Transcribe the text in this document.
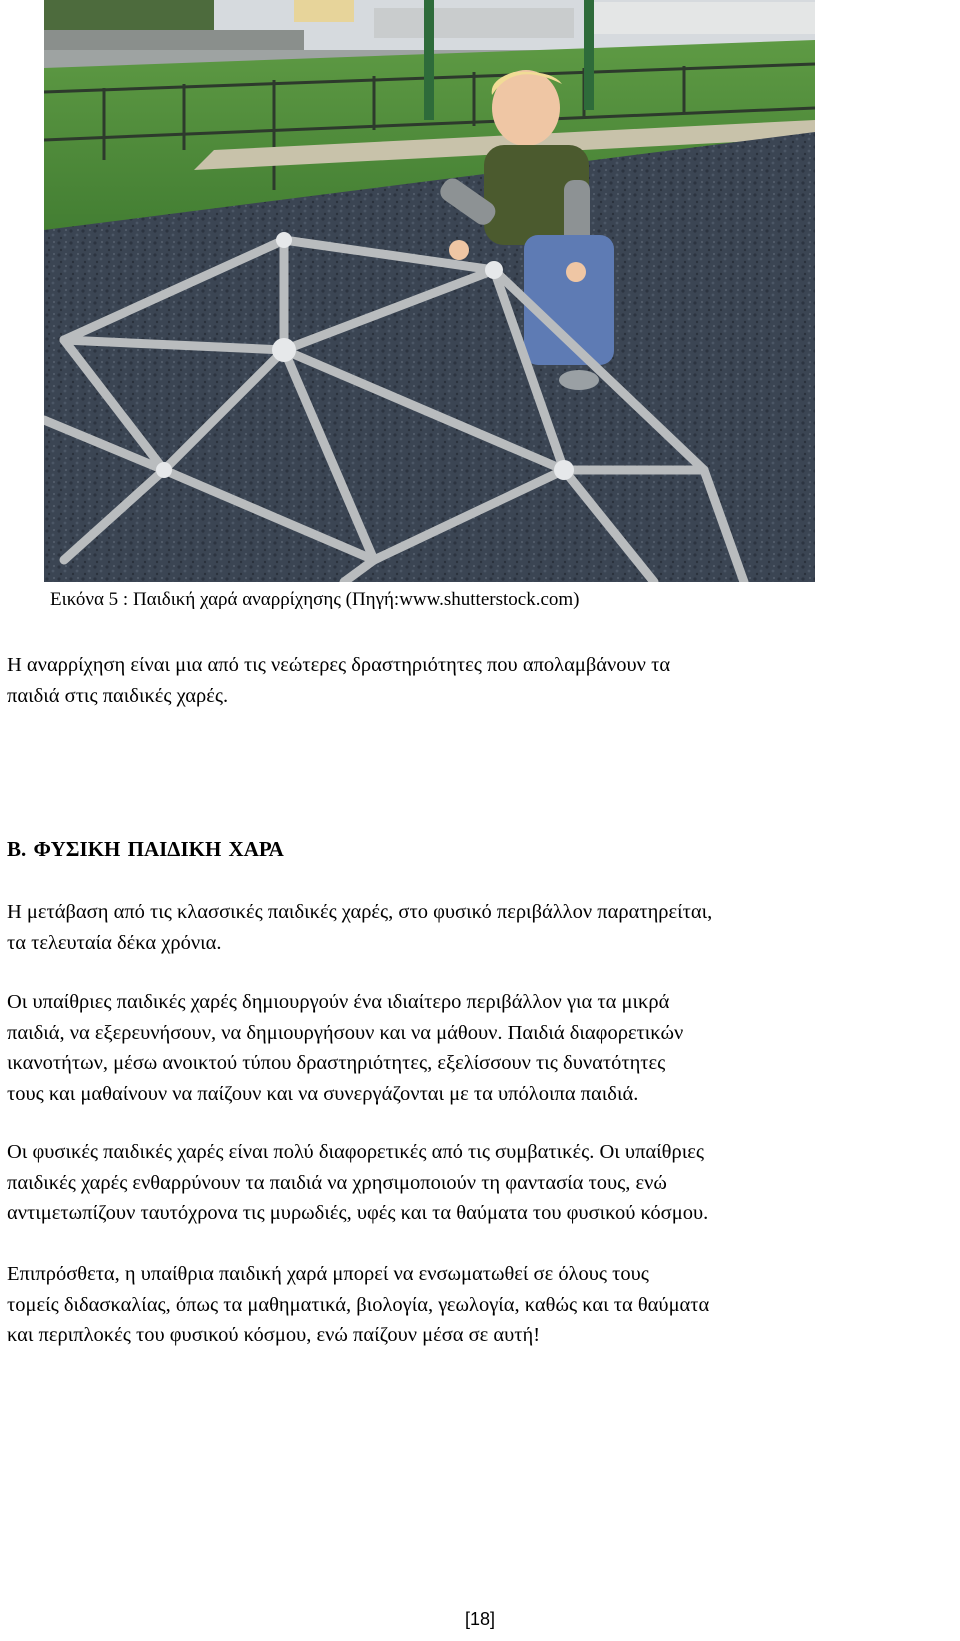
Εικόνα 5 : Παιδική χαρά αναρρίχησης (Πηγή:www.shutterstock.com)

Η αναρρίχηση είναι μια από τις νεώτερες δραστηριότητες που απολαμβάνουν τα
παιδιά στις παιδικές χαρές.

Β. ΦΥΣΙΚΗ ΠΑΙΔΙΚΗ ΧΑΡΑ

Η μετάβαση από τις κλασσικές παιδικές χαρές, στο φυσικό περιβάλλον παρατηρείται,
τα τελευταία δέκα χρόνια.

Οι υπαίθριες παιδικές χαρές δημιουργούν ένα ιδιαίτερο περιβάλλον για τα μικρά
παιδιά, να εξερευνήσουν, να δημιουργήσουν και να μάθουν. Παιδιά διαφορετικών
ικανοτήτων, μέσω ανοικτού τύπου δραστηριότητες, εξελίσσουν τις δυνατότητες
τους και μαθαίνουν να παίζουν και να συνεργάζονται με τα υπόλοιπα παιδιά.

Οι φυσικές παιδικές χαρές είναι πολύ διαφορετικές από τις συμβατικές. Οι υπαίθριες
παιδικές χαρές ενθαρρύνουν τα παιδιά να χρησιμοποιούν τη φαντασία τους, ενώ
αντιμετωπίζουν ταυτόχρονα τις μυρωδιές, υφές και τα θαύματα του φυσικού κόσμου.

Επιπρόσθετα, η υπαίθρια παιδική χαρά μπορεί να ενσωματωθεί σε όλους τους
τομείς διδασκαλίας, όπως τα μαθηματικά, βιολογία, γεωλογία, καθώς και τα θαύματα
και περιπλοκές του φυσικού κόσμου, ενώ παίζουν μέσα σε αυτή!

[18]
